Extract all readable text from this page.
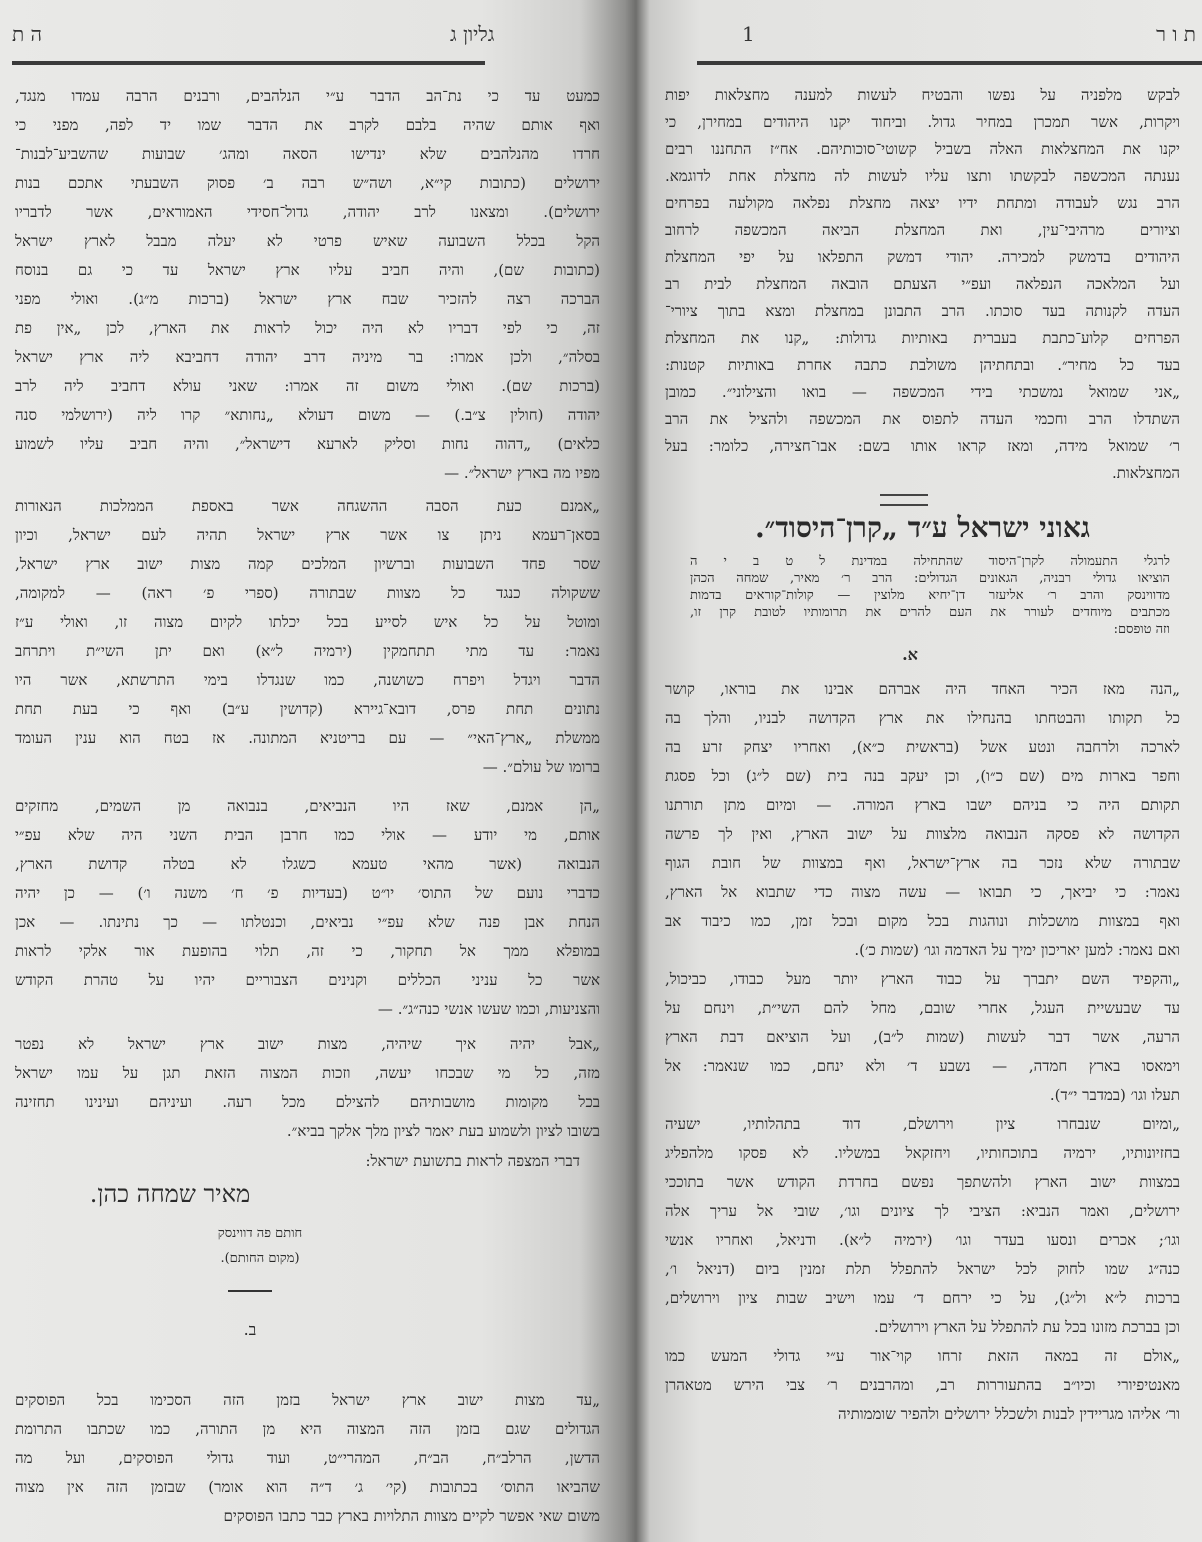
ה ת	גליון ג	1	ת ו ר
כמעט עד כי נת־הב הדבר ע״י הנלהבים, ורבנים הרבה עמדו מנגד,
ואף אותם שהיה בלבם לקרב את הדבר שמו יד לפה, מפני כי
חרדו מהנלהבים שלא ינדישו הסאה ומהג׳ שבועות שהשביע־לבנות־
ירושלים (כתובות קי״א, ושה״ש רבה ב׳ פסוק השבעתי אתכם בנות
ירושלים). ומצאנו לרב יהודה, גדול־חסידי האמוראים, אשר לדבריו
הקל בכלל השבועה שאיש פרטי לא יעלה מבבל לארץ ישראל
(כתובות שם), והיה חביב עליו ארץ ישראל עד כי גם בנוסח
הברכה רצה להזכיר שבח ארץ ישראל (ברכות מ״ג). ואולי מפני
זה, כי לפי דבריו לא היה יכול לראות את הארץ, לכן „אין פת
בסלה״, ולכן אמרו: בר מיניה דרב יהודה דחביבא ליה ארץ ישראל
(ברכות שם). ואולי משום זה אמרו: שאני עולא דחביב ליה לרב
יהודה (חולין צ״ב.) — משום דעולא „נחותא״ קרו ליה (ירושלמי סנה
כלאים) „דהוה נחות וסליק לארעא דישראל״, והיה חביב עליו לשמוע
מפיו מה בארץ ישראל״. —
„אמנם כעת הסבה ההשגחה אשר באספת הממלכות הנאורות
בסאן־רעמא ניתן צו אשר ארץ ישראל תהיה לעם ישראל, וכיון
שסר פחד השבועות וברשיון המלכים קמה מצות ישוב ארץ ישראל,
ששקולה כנגד כל מצוות שבתורה (ספרי פ׳ ראה) — למקומה,
ומוטל על כל איש לסייע בכל יכלתו לקיום מצוה זו, ואולי ע״ז
נאמר: עד מתי תתחמקין (ירמיה ל״א) ואם יתן השי״ת ויתרחב
הדבר ויגדל ויפרח כשושנה, כמו שנגדלו בימי התרשתא, אשר היו
נתונים תחת פרס, דובא־גיירא (קדושין ע״ב) ואף כי בעת תחת
ממשלת „ארץ־האי״ — עם בריטניא המתונה. אז בטח הוא ענין העומד
ברומו של עולם״. —
„הן אמנם, שאז היו הנביאים, בנבואה מן השמים, מחזקים
אותם, מי יודע — אולי כמו חרבן הבית השני היה שלא עפ״י
הנבואה (אשר מהאי טעמא כשגלו לא בטלה קדושת הארץ,
כדברי נועם של התוס׳ יו״ט (בעדיות פ׳ ח׳ משנה ו׳) — כן יהיה
הנחת אבן פנה שלא עפ״י נביאים, וכנטלתו — כך נתינתו. — אכן
במופלא ממך אל תחקור, כי זה, תלוי בהופעת אור אלקי לראות
אשר כל עניני הכללים וקנינים הצבוריים יהיו על טהרת הקודש
והצניעות, וכמו שעשו אנשי כנה״ג״. —
„אבל יהיה איך שיהיה, מצות ישוב ארץ ישראל לא נפטר
מזה, כל מי שבכחו יעשה, וזכות המצוה הזאת תגן על עמו ישראל
בכל מקומות מושבותיהם להצילם מכל רעה. ועיניהם ועינינו תחזינה
בשובו לציון ולשמוע בעת יאמר לציון מלך אלקך בביא״.
דברי המצפה לראות בתשועת ישראל:
מאיר שמחה כהן.
חותם פה דווינסק
(מקום החותם).
ב.
„עד מצות ישוב ארץ ישראל בזמן הזה הסכימו בכל הפוסקים
הגדולים שגם בזמן הזה המצוה היא מן התורה, כמו שכתבו התרומת
הדשן, הרלב״ח, הב״ח, המהרי״ט, ועוד גדולי הפוסקים, ועל מה
שהביאו התוס׳ בכתובות (קי׳ ג׳ ד״ה הוא אומר) שבזמן הזה אין מצוה
משום שאי אפשר לקיים מצוות התלויות בארץ כבר כתבו הפוסקים
לבקש מלפניה על נפשו והבטיח לעשות למענה מחצלאות יפות
ויקרות, אשר תמכרן במחיר גדול. וביחוד יקנו היהודים במחירן, כי
יקנו את המחצלאות האלה בשביל קשוטי־סוכותיהם. אח״ז התחננו רבים
נענתה המכשפה לבקשתו ותצו עליו לעשות לה מחצלת אחת לדוגמא.
הרב נגש לעבודה ומתחת ידיו יצאה מחצלת נפלאה מקולעה בפרחים
וציורים מרהיבי־עין, ואת המחצלת הביאה המכשפה לרחוב
היהודים בדמשק למכירה. יהודי דמשק התפלאו על יפי המחצלת
ועל המלאכה הנפלאה ועפ״י הצעתם הובאה המחצלת לבית רב
העדה לקנותה בעד סוכתו. הרב התבונן במחצלת ומצא בתוך ציורי־
הפרחים קלוע־כתבת בעברית באותיות גדולות: „קנו את המחצלת
בעד כל מחיר״. ובתחתיהן משולבת כתבה אחרת באותיות קטנות:
„אני שמואל נמשכתי בידי המכשפה — בואו והצילוני״. כמובן
השתדלו הרב וחכמי העדה לתפוס את המכשפה ולהציל את הרב
ר׳ שמואל מידה, ומאז קראו אותו בשם: אבו־חצירה, כלומר: בעל
המחצלאות.
גאוני ישראל ע״ד „קרן־היסוד״.
לרגלי התעמולה לקרן־היסוד שהתחילה במדינת ל ט ב י ה
הוציאו גדולי רבניה, הגאונים הגדולים: הרב ר׳ מאיר, שמחה הכהן
מדווינסק והרב ר׳ אליעזר דן־יחיא מלוצין — קולות־קוראים בדמות
מכתבים מיוחדים לעורר את העם להרים את תרומותיו לטובת קרן זו,
וזה טופסם:
א.
„הנה מאז הכיר האחד היה אברהם אבינו את בוראו, קושר
כל תקותו והבטחתו בהנחילו את ארץ הקדושה לבניו, והלך בה
לארכה ולרחבה ונטע אשל (בראשית כ״א), ואחריו יצחק זרע בה
וחפר בארות מים (שם כ״ו), וכן יעקב בנה בית (שם ל״ג) וכל פסגת
תקותם היה כי בניהם ישבו בארץ המורה. — ומיום מתן תורתנו
הקדושה לא פסקה הנבואה מלצוות על ישוב הארץ, ואין לך פרשה
שבתורה שלא נזכר בה ארץ־ישראל, ואף במצוות של חובת הגוף
נאמר: כי יביאך, כי תבואו — עשה מצוה כדי שתבוא אל הארץ,
ואף במצוות מושכלות ונוהגות בכל מקום ובכל זמן, כמו כיבוד אב
ואם נאמר: למען יאריכון ימיך על האדמה וגו׳ (שמות כ׳).
„והקפיד השם יתברך על כבוד הארץ יותר מעל כבודו, כביכול,
עד שבעשיית העגל, אחרי שובם, מחל להם השי״ת, וינחם על
הרעה, אשר דבר לעשות (שמות ל״ב), ועל הוציאם דבת הארץ
וימאסו בארץ חמדה, — נשבע ד׳ ולא ינחם, כמו שנאמר: אל
תעלו וגו׳ (במדבר י״ד).
„ומיום שנבחרו ציון וירושלם, דוד בתהלותיו, ישעיה
בחזיונותיו, ירמיה בתוכחותיו, ויחזקאל במשליו. לא פסקו מלהפליג
במצוות ישוב הארץ ולהשתפך נפשם בחרדת הקודש אשר בתוככי
ירושלים, ואמר הנביא: הציבי לך ציונים וגו׳, שובי אל עריך אלה
וגו׳; אכרים ונסעו בעדר וגו׳ (ירמיה ל״א). ודניאל, ואחריו אנשי
כנה״ג שמו לחוק לכל ישראל להתפלל תלת זמנין ביום (דניאל ו׳,
ברכות ל״א ול״ג), על כי ירחם ד׳ עמו וישיב שבות ציון וירושלים,
וכן בברכת מזונו בכל עת להתפלל על הארץ וירושלים.
„אולם זה במאה הזאת זרחו קוי־אור ע״י גדולי המעש כמו
מאנטיפיורי וכיו״ב בהתעוררות רב, ומהרבנים ר׳ צבי הירש מטאהרן
ור׳ אליהו מגריידין לבנות ולשכלל ירושלים ולהפיר שוממותיה
